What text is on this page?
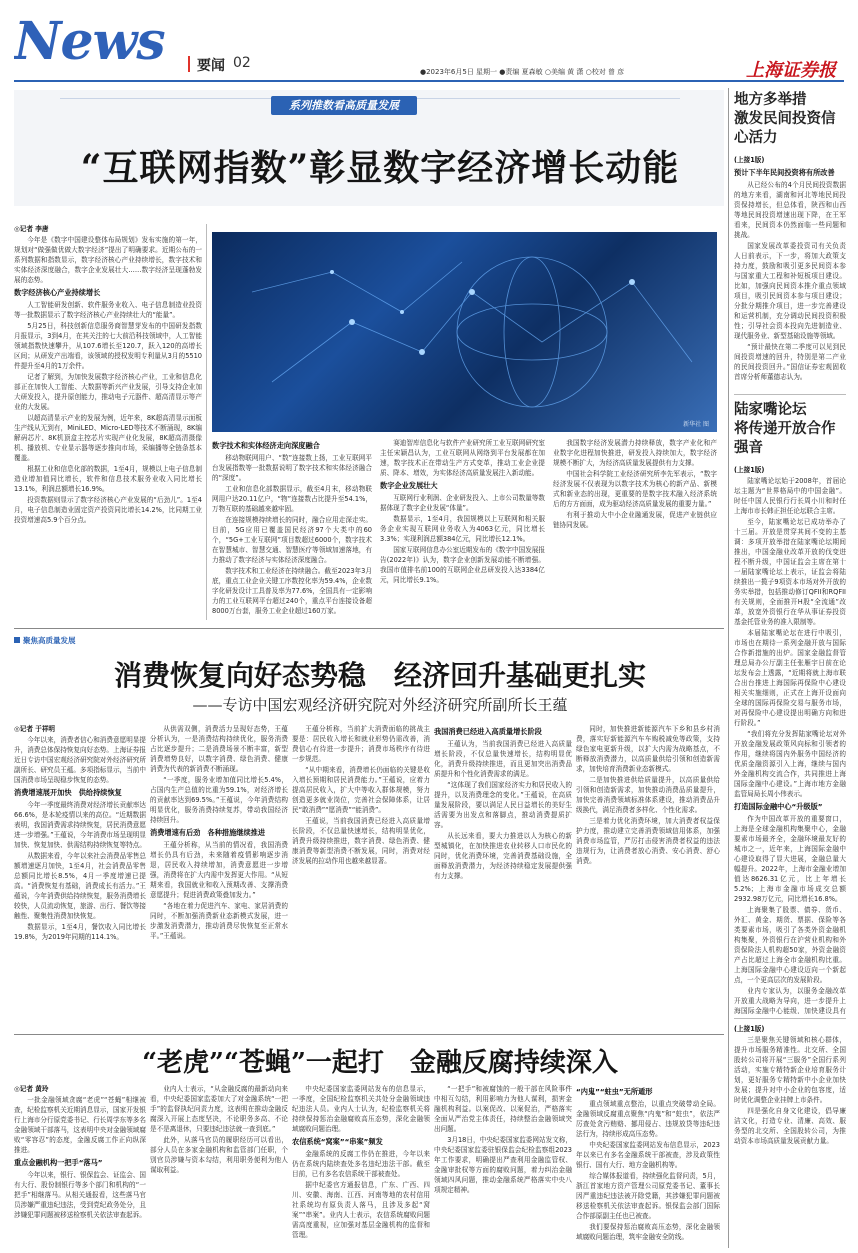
News	要闻 02
●2023年6月5日 星期一 ●责编 夏森敏 ○美编 黄 潇 ○校对 曾 彦	上海证券报
系列推数看高质量发展
“互联网指数”彰显数字经济增长动能
新华社 图

◎记者 李唐

今年是《数字中国建设整体布局规划》发布实施的第一年，规划对“做强做优做大数字经济”提出了明确要求。近期公布的一系列数据和指数显示，数字经济核心产业持续增长，数字技术和实体经济深度融合，数字企业发展壮大……数字经济呈现蓬勃发展的态势。

数字经济核心产业持续增长

人工智能研发创新、软件服务业收入、电子信息制造业投资等一批数据显示了数字经济核心产业持续壮大的“能量”。

5月25日，科技创新信息服务商智慧芽发布的中国研发指数月报显示，3到4月，在其关注的七大前沿科技领域中，人工智能领域指数快速攀升，从107.6增长至120.7，跃入120的高增长区间；从研发产出端看，该领域的授权发明专利量从3月的5510件提升至4月的1万余件。

记者了解到，为加快发展数字经济核心产业，工业和信息化部正在加快人工智能、大数据等新兴产业发展，引导支持企业加大研发投入，提升原创能力，推动电子元器件、超高清显示等产业的大发展。

以超高清显示产业的发展为例，近年来，8K超高清显示面板生产线从无到有，MiniLED、Micro-LED等技术不断涌现，8K编解码芯片、8K机顶盒主控芯片实现产业化发展，8K超高清摄像机、播放机、专业显示器等逐步推向市场，采编播等全链条基本覆盖。

根据工业和信息化部的数据，1至4月，规模以上电子信息制造业增加值同比增长，软件和信息技术服务业收入同比增长13.1%，利润总额增长16.9%。

投资数据则显示了数字经济核心产业发展的“后劲儿”。1至4月，电子信息制造业固定资产投资同比增长14.2%，比同期工业投资增速高5.9个百分点。

数字技术和实体经济走向深度融合

移动物联网用户、“数”连接数上扬，工业互联网平台发展指数等一批数据说明了数字技术和实体经济融合的“深度”。

工业和信息化部数据显示，截至4月末，移动物联网用户达20.11亿户，“物”连接数占比提升至54.1%，万物互联的基础越来越牢固。

在连接规模持续增长的同时，融合应用走深走实。目前，5G应用已覆盖国民经济97个大类中的60个，“5G+工业互联网”项目数超过6000个，数字技术在智慧城市、智慧交通、智慧医疗等领域加速落地，有力推动了数字经济与实体经济深度融合。

数字技术和工业经济在持续融合。截至2023年3月底，重点工业企业关键工序数控化率为59.4%，企业数字化研发设计工具普及率为77.6%，全国具有一定影响力的工业互联网平台超过240个，重点平台连接设备超8000万台套，服务工业企业超过160万家。

赛迪智库信息化与软件产业研究所工业互联网研究室主任宋颖昌认为，工业互联网从网络到平台发展都在加速，数字技术正在带动生产方式变革，推动工业企业提质、降本、增效，为实体经济高质量发展注入新动能。

数字企业发展壮大

互联网行业利润、企业研发投入、上市公司数量等数据体现了数字企业发展“体量”。

数据显示，1至4月，我国规模以上互联网和相关服务企业实现互联网业务收入为4063亿元，同比增长3.3%；实现利润总额384亿元，同比增长12.1%。

国家互联网信息办公室近期发布的《数字中国发展报告(2022年)》认为，数字企业创新发展动能不断增强。我国市值排名前100的互联网企业总研发投入达3384亿元，同比增长9.1%。

我国数字经济发展潜力持续释放，数字产业化和产业数字化进程加快推进，研发投入持续加大，数字经济规模不断扩大，为经济高质量发展提供有力支撑。

中国社会科学院工业经济研究所李先军表示，“数字经济发展不仅表现为以数字技术为核心的新产品、新模式和新业态的出现，更重要的是数字技术融入经济系统后的方方面面，成为驱动经济高质量发展的重要力量。”

有利于推动大中小企业融通发展，促进产业链供应链协同发展。

聚焦高质量发展
消费恢复向好态势稳　经济回升基础更扎实
——专访中国宏观经济研究院对外经济研究所副所长王蕴

◎记者 于祥明

今年以来，消费者信心和消费意愿明显提升，消费总体保持恢复向好态势。上海证券报近日专访中国宏观经济研究院对外经济研究所副所长、研究员王蕴。多项指标显示，当前中国消费市场呈现稳步恢复的态势。

消费增速展开加快　供给持续恢复

今年一季度最终消费对经济增长贡献率达66.6%，是本轮疫情以来的高位。“近期数据表明，我国消费需求持续恢复，居民消费意愿进一步增强。”王蕴说，今年消费市场呈现明显加快、恢复加快、供需结构持续恢复等特点。

从数据来看，今年以来社会消费品零售总额增速逐月加快，1至4月，社会消费品零售总额同比增长8.5%，4月一季度增速已提高。“消费恢复有基础，消费成长有活力。”王蕴说，今年消费供给持续恢复，服务消费增长较快，人员流动恢复，旅游、出行、餐饮等接触性、聚集性消费加快恢复。

数据显示，1至4月，餐饮收入同比增长19.8%，为2019年同期的114.1%。

从供需双侧，消费活力呈现好态势，王蕴分析认为，一是消费结构持续优化，服务消费占比逐步提升；二是消费场景不断丰富，新型消费增势良好，以数字消费、绿色消费、健康消费为代表的新消费不断涌现。

“一季度，服务业增加值同比增长5.4%，占国内生产总值的比重为59.1%，对经济增长的贡献率达到69.5%。”王蕴说，今年消费结构明显优化，服务消费持续复苏，带动我国经济持续回升。

消费增速有后劲　各种措施继续推进

王蕴分析称，从当前的情况看，我国消费增长仍具有后劲，未来随着疫情影响逐步消退，居民收入持续增加，消费意愿进一步增强，消费将在扩大内需中发挥更大作用。“从短期来看，我国就业和收入预期改善、支撑消费意愿提升；促进消费政策叠加发力。”

“各地在着力促进汽车、家电、家居消费的同时，不断加强消费新业态新模式发展，进一步激发消费潜力，推动消费尽快恢复至正常水平。”王蕴说。

王蕴分析称，当前扩大消费面临的挑战主要是：居民收入增长和就业形势仍需改善，消费信心有待进一步提升；消费市场秩序有待进一步规范。

“从中期来看，消费增长仍面临的关键是收入增长预期和居民消费能力。”王蕴说，应着力提高居民收入，扩大中等收入群体规模，努力创造更多就业岗位，完善社会保障体系，让居民“敢消费”“愿消费”“能消费”。

王蕴说，当前我国消费已经进入高质量增长阶段，不仅总量快速增长，结构明显优化，消费升级持续推进，数字消费、绿色消费、健康消费等新型消费不断发展，同时，消费对经济发展的拉动作用也越来越显著。

我国消费已经进入高质量增长阶段

王蕴认为，当前我国消费已经进入高质量增长阶段，不仅总量快速增长，结构明显优化，消费升级持续推进，而且更加突出消费品质提升和个性化消费需求的满足。

“这体现了我们国家经济实力和居民收入的提升，以及消费理念的变化。”王蕴说，在高质量发展阶段，要以满足人民日益增长的美好生活需要为出发点和落脚点，推动消费提质扩容。

从长远来看，要大力推进以人为核心的新型城镇化，在加快推进农业转移人口市民化的同时，优化消费环境，完善消费基础设施，全面释放消费潜力，为经济持续稳定发展提供强有力支撑。

同时，加快推进新能源汽车下乡和县乡村消费，落实好新能源汽车车购税减免等政策，支持绿色家电更新升级，以扩大内需为战略基点，不断释放消费潜力，以高质量供给引领和创造新需求，加快培育消费新业态新模式。

二是加快推进供给质量提升，以高质量供给引领和创造新需求，加快推动消费品质量提升，加快完善消费领域标准体系建设，推动消费品升级换代，满足消费者多样化、个性化需求。

三是着力优化消费环境，加大消费者权益保护力度，推动建立完善消费领域信用体系，加强消费市场监管，严厉打击侵害消费者权益的违法违规行为，让消费者放心消费、安心消费、舒心消费。

“老虎”“苍蝇”一起打　金融反腐持续深入

◎记者 黄玲

一批金融领域贪腐“老虎”“苍蝇”相继被查，纪检监察机关近期消息显示，国家开发银行上海市分行原党委书记、行长周学东等多名金融领域干部落马，这表明中央对金融领域腐败“零容忍”的态度，金融反腐工作正向纵深推进。

重点金融机构一把手“落马”

今年以来，银行、银保监会、证监会、国有大行、股份制银行等多个部门和机构的“一把手”相继落马。从相关通报看，这些落马官员涉嫌严重违纪违法，受到党纪政务处分，且涉嫌犯罪问题被移送检察机关依法审查起诉。

业内人士表示，“从金融反腐的最新动向来看，中央纪委国家监委加大了对金融系统“一把手”的监督执纪问责力度，这表明在推动金融反腐深入开展上态度坚决，不论职务多高、不论是不是离退休，只要违纪违法就一查到底。”

此外，从落马官员的履职经历可以看出，部分人员在多家金融机构和监管部门任职，个别官员涉嫌与资本勾结，利用职务便利为他人谋取利益。

中央纪委国家监委网站发布的信息显示，一季度，全国纪检监察机关共处分金融领域违纪违法人员。业内人士认为，纪检监察机关将持续保持惩治金融腐败高压态势，深化金融领域腐败问题治理。

农信系统“窝案”“串案”频发

金融系统的反腐工作仍在推进，今年以来仍在系统内陆续查处多名违纪违法干部。截至目前，已有多名农信系统干部被查处。

据中纪委官方通报信息，广东、广西、四川、安徽、海南、江西、河南等地的农村信用社系统均有原负责人落马，且涉及多起“窝案”“串案”。业内人士表示，农信系统腐败问题需高度重视，应加强对基层金融机构的监督和管理。

“一把手”和被腐蚀的一般干部在风险事件中相互勾结，利用影响力为他人谋利，损害金融机构利益。以案促改、以案促治，严格落实全面从严治党主体责任，持续整治金融领域突出问题。

3月18日，中央纪委国家监委网站发文称，中央纪委国家监委驻银保监会纪检监察组2023年工作要求，明确提出严查利用金融监管权、金融审批权等方面的腐败问题，着力纠治金融领域四风问题，推动金融系统严格落实中央八项规定精神。

“内鬼”“蛀虫”无所遁形

重点领域重点整治，以重点突破带动全局。金融领域反腐重点聚焦“内鬼”和“蛀虫”，依法严厉查处贪污贿赂、挪用侵占、违规放贷等违纪违法行为，持续形成高压态势。

中央纪委国家监委网站发布信息显示，2023年以来已有多名金融系统干部被查，涉及政策性银行、国有大行、地方金融机构等。

综合媒体报道看，持续强化监督问责，5月，浙江首家地方资产管理公司原党委书记、董事长因严重违纪违法被开除党籍，其涉嫌犯罪问题被移送检察机关依法审查起诉。银保监会部门国际合作部原副主任也已被查。

我们要保持惩治腐败高压态势，深化金融领域腐败问题治理，筑牢金融安全防线。

地方多举措
激发民间投资信心活力

(上接1版)

预计下半年民间投资将有所改善

从已经公布的4个月民间投资数据的地方来看，湖南和河北等地民间投资保持增长，但总体看，陕西和山西等地民间投资增速出现下降，在王军看来，民间资本仍然面临一些问题和挑战。

国家发展改革委投资司有关负责人日前表示，下一步，将加大政策支持力度，鼓励和吸引更多民间资本参与国家重大工程和补短板项目建设。比如，加强向民间资本推介重点领域项目，吸引民间资本参与项目建设；分批分期推介项目，进一步完善建设和运营机制，充分调动民间投资积极性；引导社会资本投向先进制造业、现代服务业、新型基础设施等领域。

“预计最快在第二季度可以见到民间投资增速的回升，特别是第二产业的民间投资回升。”国信证券宏观固收首席分析师董德志认为。

陆家嘴论坛
将传递开放合作强音

(上接1版)

陆家嘴论坛始于2008年，首届论坛主题为“世界格局中的中国金融”。时任中国人民银行行长周小川和时任上海市市长韩正担任论坛联合主席。

至今，陆家嘴论坛已成功举办了十三届。开放是贯穿其间不变的主基调：多项开放举措在陆家嘴论坛期间推出，中国金融业改革开放的伐变进程不断升级，中国证监会主席在第十一届陆家嘴论坛上表示，证监会将陆续推出一揽子9项资本市场对外开放的务实举措，包括推动修订QFII和RQFII有关规则，全面推开H股“全流通”改革，放宽外资银行在华从事证券投资基金托管业务的准入限制等。

本届陆家嘴论坛在进行中吸引，市场也在期待一系列金融开放与国际合作新措施的出炉。国家金融监督管理总局办公厅副主任张雁宇日前在论坛发布会上透露，“近期将就上海市联合出台推进上海国际再保险中心建设相关实施细则，正式在上海开设面向全球的国际再保险交易与服务市场，对再保险中心建设提出明确方向和进行阶段。”

“我们将充分发挥陆家嘴论坛对外开放金融发展政策风向标和引领者的作用，继续将国内外服务中国经济的优质金融资源引入上海，继续与国内外金融机构交流合作，共同推进上海国际金融中心建设。”上海市地方金融监管局局长周小伟表示。

打造国际金融中心“升级版”

作为中国改革开放的重要窗口，上海是全球金融机构集聚中心，金融要素市场最齐全，金融环境最友好的城市之一，近年来，上海国际金融中心建设取得了显大进展，金融总量大幅提升。2022年，上海市金融业增加值达8626.31亿元，比上年增长5.2%；上海市金融市场成交总额2932.98万亿元，同比增长16.8%。

上海聚集了股票、债券、货币、外汇、黄金、期货、票据、保险等各类要素市场，吸引了各类外资金融机构集聚，外资银行在沪营业机构和外资保险法人机构超50家，外资金融资产占比超过上海全市金融机构比重。上海国际金融中心建设迈向一个新起点，一个更高层次的发展阶段。

业内专家认为，以服务金融改革开放重大战略为导向，进一步提升上海国际金融中心能级，加快建设具有

(上接1版)

三是聚焦关键领域和核心群体，提升市场服务精准性。北交所、全国股转公司将开展“三服务”全国行系列活动，实施专精特新企业培育服务计划，更好服务专精特新中小企业加快发展；提升对中小企业的包容度，适时优化调整企业挂牌上市条件。

四是强化自身文化建设，倡导廉洁文化，打造专业、清廉、高效、服务型的北交所、全国股转公司，为推动资本市场高质量发展贡献力量。
